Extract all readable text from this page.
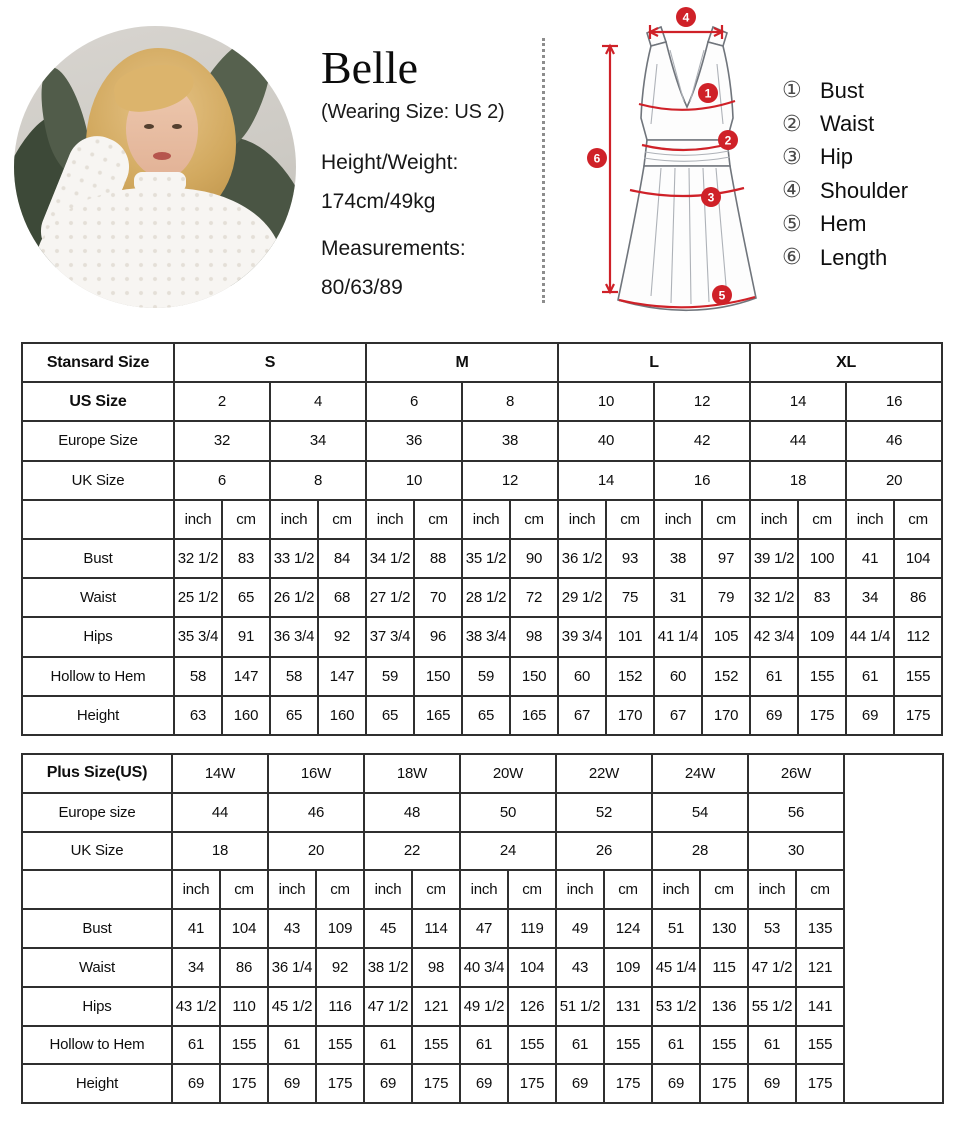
Belle
(Wearing Size: US 2)
Height/Weight:
174cm/49kg
Measurements:
80/63/89
4
6
1
2
3
5
① Bust
② Waist
③ Hip
④ Shoulder
⑤ Hem
⑥ Length
Stansard Size	S				M				L				XL			
US Size	2		4		6		8		10		12		14		16	
Europe Size	32		34		36		38		40		42		44		46	
UK Size	6		8		10		12		14		16		18		20	
	inch	cm	inch	cm	inch	cm	inch	cm	inch	cm	inch	cm	inch	cm	inch	cm
Bust	32 1/2	83	33 1/2	84	34 1/2	88	35 1/2	90	36 1/2	93	38	97	39 1/2	100	41	104
Waist	25 1/2	65	26 1/2	68	27 1/2	70	28 1/2	72	29 1/2	75	31	79	32 1/2	83	34	86
Hips	35 3/4	91	36 3/4	92	37 3/4	96	38 3/4	98	39 3/4	101	41 1/4	105	42 3/4	109	44 1/4	112
Hollow to Hem	58	147	58	147	59	150	59	150	60	152	60	152	61	155	61	155
Height	63	160	65	160	65	165	65	165	67	170	67	170	69	175	69	175
Plus Size(US)	14W		16W		18W		20W		22W		24W		26W		
Europe size	44		46		48		50		52		54		56		
UK Size	18		20		22		24		26		28		30		
	inch	cm	inch	cm	inch	cm	inch	cm	inch	cm	inch	cm	inch	cm	
Bust	41	104	43	109	45	114	47	119	49	124	51	130	53	135	
Waist	34	86	36 1/4	92	38 1/2	98	40 3/4	104	43	109	45 1/4	115	47 1/2	121	
Hips	43 1/2	110	45 1/2	116	47 1/2	121	49 1/2	126	51 1/2	131	53 1/2	136	55 1/2	141	
Hollow to Hem	61	155	61	155	61	155	61	155	61	155	61	155	61	155	
Height	69	175	69	175	69	175	69	175	69	175	69	175	69	175	
